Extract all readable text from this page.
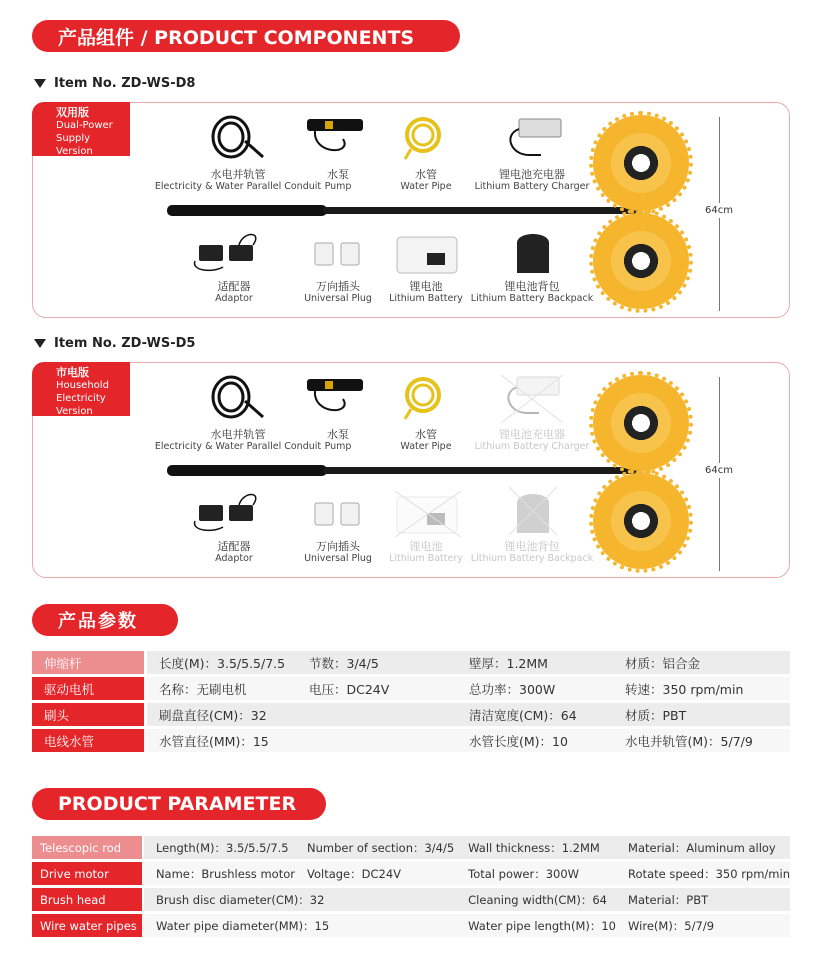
产品组件 / PRODUCT COMPONENTS
Item No. ZD-WS-D8
双用版
Dual-Power
Supply Version
水电并轨管
Electricity & Water Parallel Conduit
水泵
Pump
水管
Water Pipe
锂电池充电器
Lithium Battery Charger
64cm
适配器
Adaptor
万向插头
Universal Plug
锂电池
Lithium Battery
锂电池背包
Lithium Battery Backpack
Item No. ZD-WS-D5
市电版
Household
Electricity Version
水电并轨管
Electricity & Water Parallel Conduit
水泵
Pump
水管
Water Pipe
锂电池充电器
Lithium Battery Charger
64cm
适配器
Adaptor
万向插头
Universal Plug
锂电池
Lithium Battery
锂电池背包
Lithium Battery Backpack
产品参数
伸缩杆		长度(M)：3.5/5.5/7.5	节数：3/4/5	壁厚：1.2MM	材质：铝合金
驱动电机		名称：无刷电机	电压：DC24V	总功率：300W	转速：350 rpm/min
刷头		刷盘直径(CM)：32		清洁宽度(CM)：64	材质：PBT
电线水管		水管直径(MM)：15		水管长度(M)：10	水电并轨管(M)：5/7/9
PRODUCT PARAMETER
Telescopic rod		Length(M)：3.5/5.5/7.5	Number of section：3/4/5	Wall thickness：1.2MM	Material：Aluminum alloy
Drive motor		Name：Brushless motor	Voltage：DC24V	Total power：300W	Rotate speed：350 rpm/min
Brush head		Brush disc diameter(CM)：32		Cleaning width(CM)：64	Material：PBT
Wire water pipes		Water pipe diameter(MM)：15		Water pipe length(M)：10	Wire(M)：5/7/9
